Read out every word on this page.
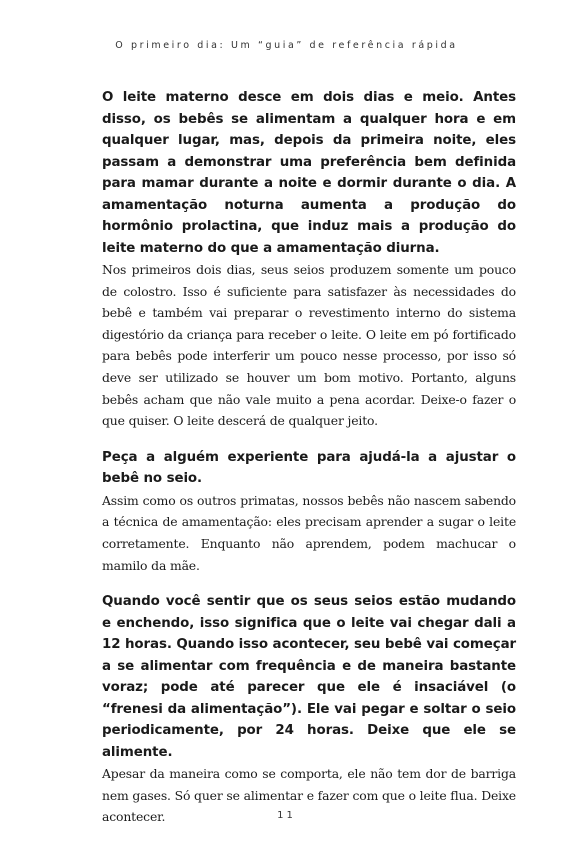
O primeiro dia: Um “guia” de referência rápida

O leite materno desce em dois dias e meio. Antes disso, os bebês se alimentam a qualquer hora e em qualquer lugar, mas, depois da primeira noite, eles passam a demonstrar uma preferência bem definida para mamar durante a noite e dormir durante o dia. A amamentação noturna aumenta a produção do hormônio prolactina, que induz mais a produção do leite materno do que a amamentação diurna.

Nos primeiros dois dias, seus seios produzem somente um pouco de colostro. Isso é suficiente para satisfazer às necessidades do bebê e também vai preparar o revestimento interno do sistema digestório da criança para receber o leite. O leite em pó fortificado para bebês pode interferir um pouco nesse processo, por isso só deve ser utilizado se houver um bom motivo. Portanto, alguns bebês acham que não vale muito a pena acordar. Deixe-o fazer o que quiser. O leite descerá de qualquer jeito.

Peça a alguém experiente para ajudá-la a ajustar o bebê no seio.

Assim como os outros primatas, nossos bebês não nascem sabendo a técnica de amamentação: eles precisam aprender a sugar o leite corretamente. Enquanto não aprendem, podem machucar o mamilo da mãe.

Quando você sentir que os seus seios estão mudando e enchendo, isso significa que o leite vai chegar dali a 12 horas. Quando isso acontecer, seu bebê vai começar a se alimentar com frequência e de maneira bastante voraz; pode até parecer que ele é insaciável (o “frenesi da alimentação”). Ele vai pegar e soltar o seio periodicamente, por 24 horas. Deixe que ele se alimente.

Apesar da maneira como se comporta, ele não tem dor de barriga nem gases. Só quer se alimentar e fazer com que o leite flua. Deixe acontecer.	11
